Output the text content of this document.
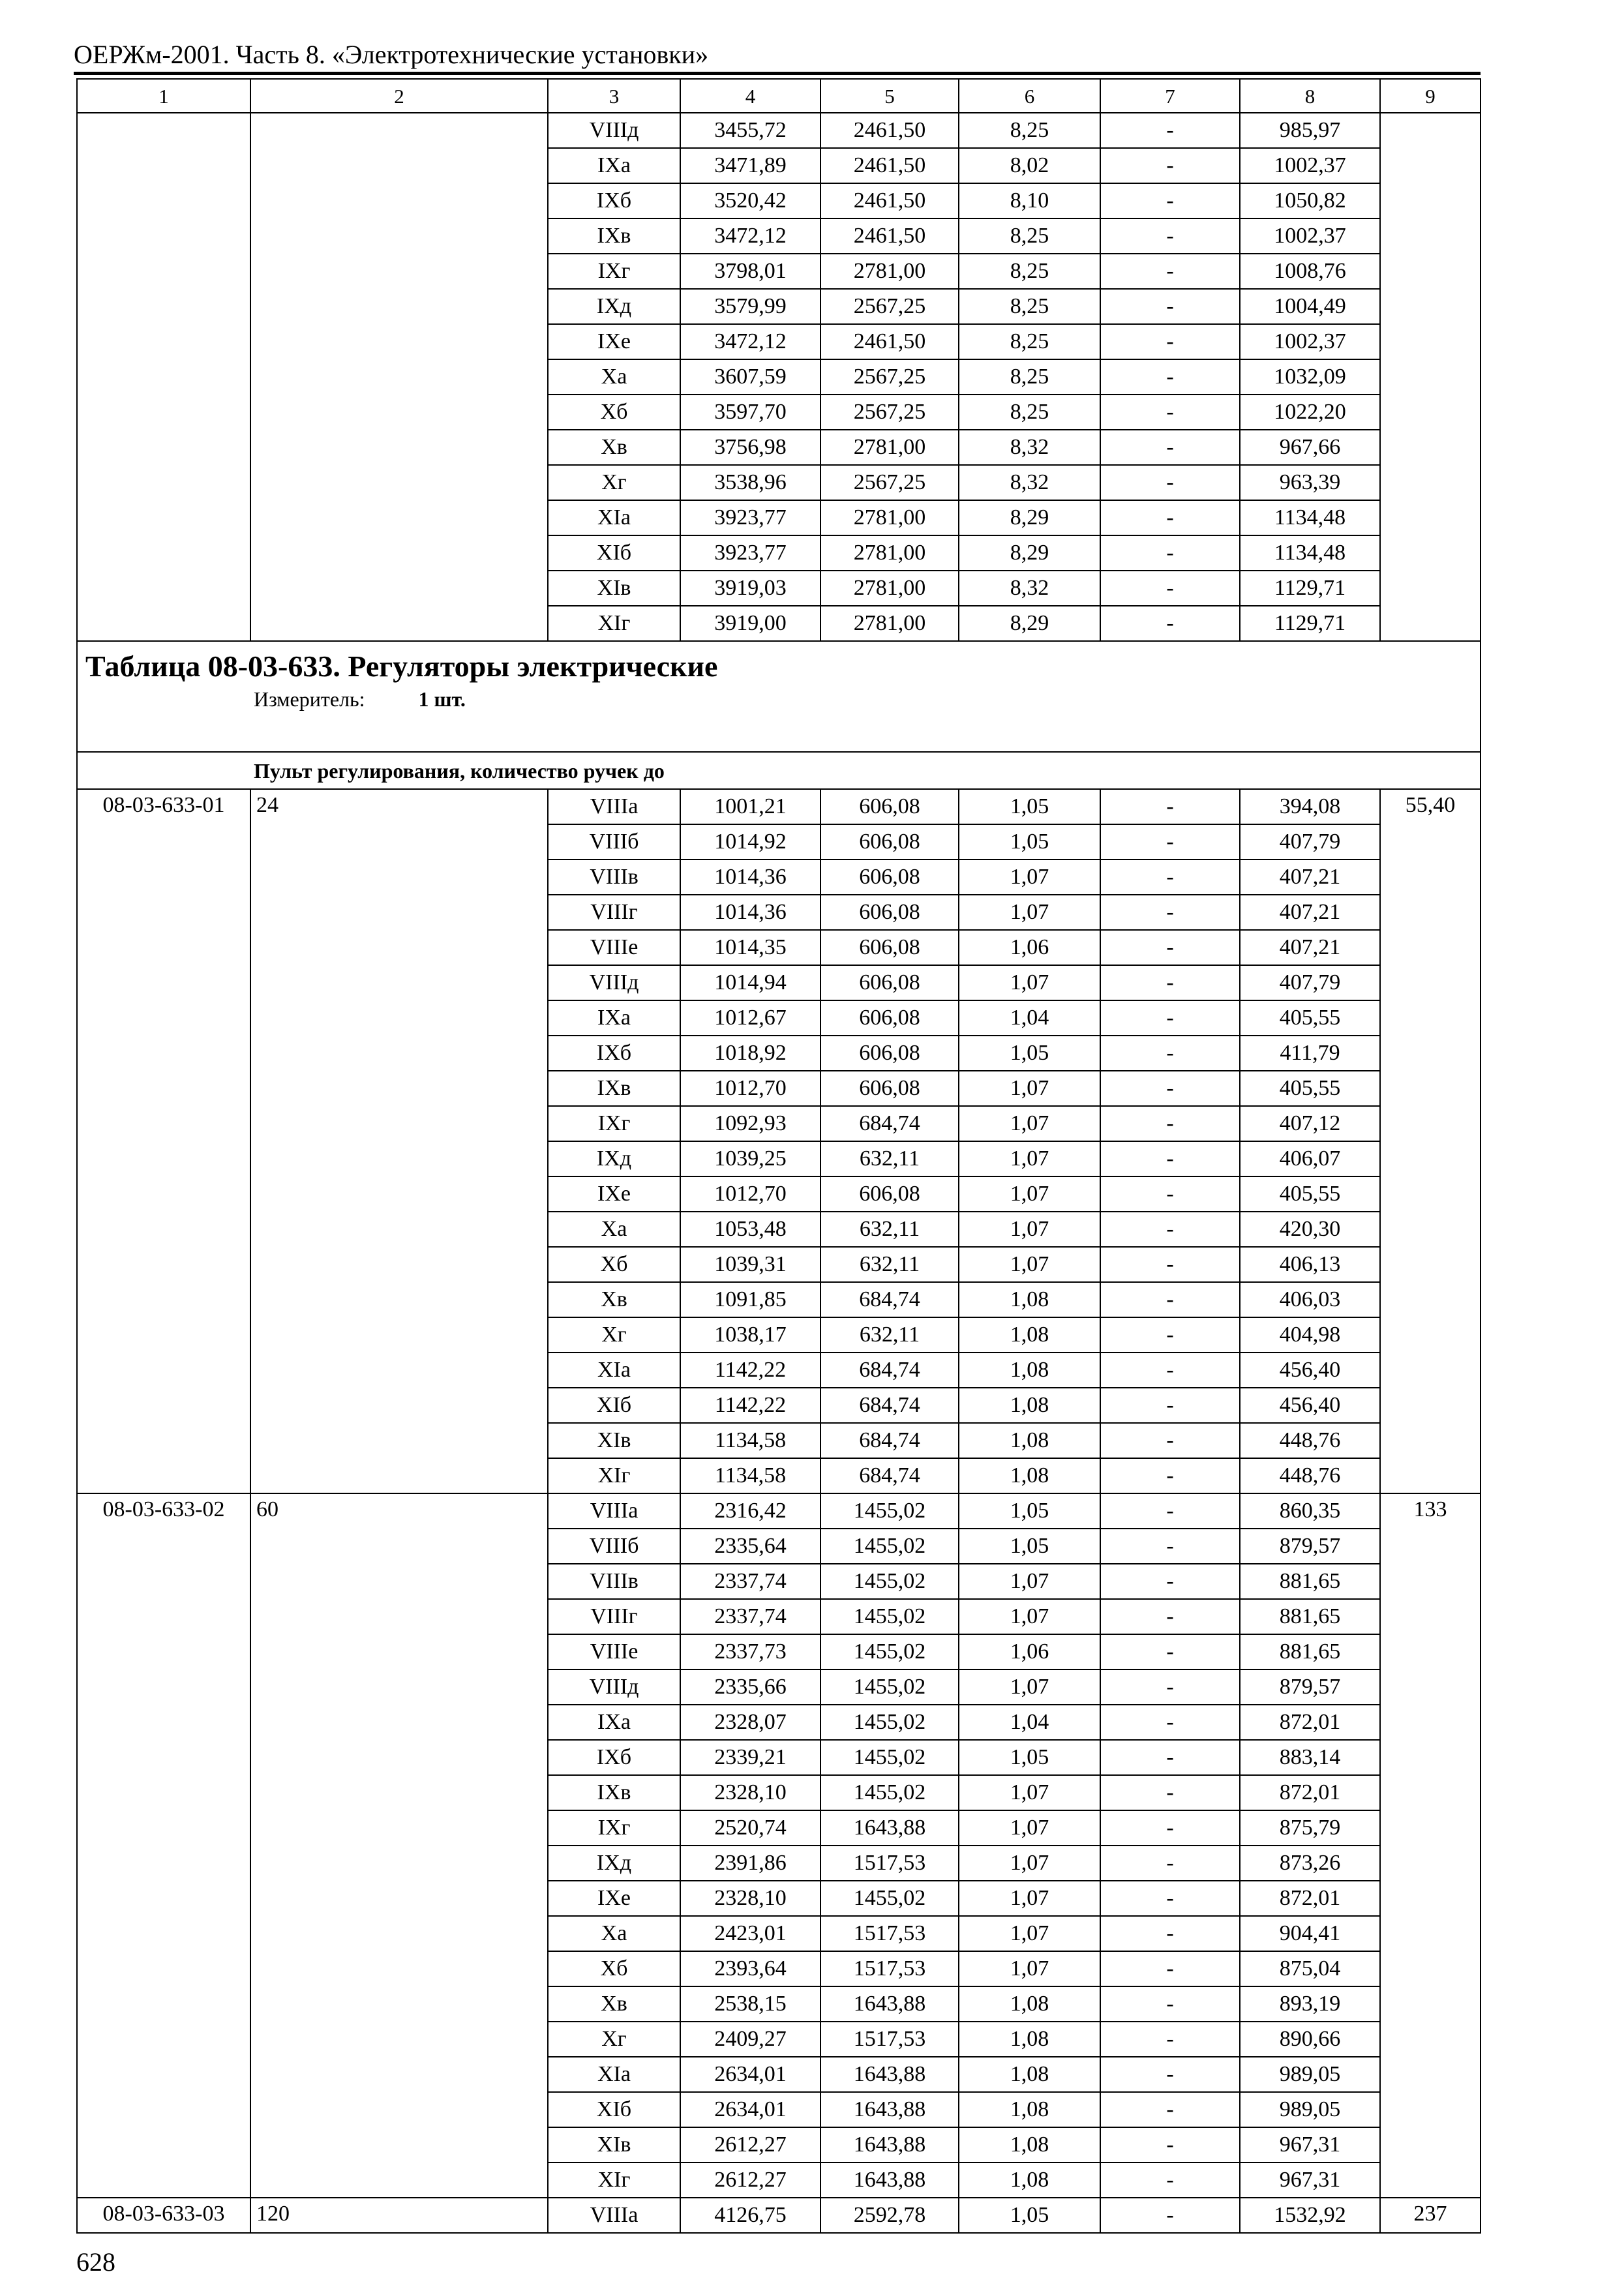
ОЕРЖм-2001. Часть 8. «Электротехнические установки»
1	2	3	4	5	6	7	8	9
		VIIIд	3455,72	2461,50	8,25	-	985,97	
		IXа	3471,89	2461,50	8,02	-	1002,37	
		IXб	3520,42	2461,50	8,10	-	1050,82	
		IXв	3472,12	2461,50	8,25	-	1002,37	
		IXг	3798,01	2781,00	8,25	-	1008,76	
		IXд	3579,99	2567,25	8,25	-	1004,49	
		IXе	3472,12	2461,50	8,25	-	1002,37	
		Xа	3607,59	2567,25	8,25	-	1032,09	
		Xб	3597,70	2567,25	8,25	-	1022,20	
		Xв	3756,98	2781,00	8,32	-	967,66	
		Xг	3538,96	2567,25	8,32	-	963,39	
		XIа	3923,77	2781,00	8,29	-	1134,48	
		XIб	3923,77	2781,00	8,29	-	1134,48	
		XIв	3919,03	2781,00	8,32	-	1129,71	
		XIг	3919,00	2781,00	8,29	-	1129,71	

Таблица 08-03-633. Регуляторы электрические
Измеритель: 1 шт.								

Пульт регулирования, количество ручек до								
08-03-633-01	24	VIIIа	1001,21	606,08	1,05	-	394,08	55,40
		VIIIб	1014,92	606,08	1,05	-	407,79	
		VIIIв	1014,36	606,08	1,07	-	407,21	
		VIIIг	1014,36	606,08	1,07	-	407,21	
		VIIIе	1014,35	606,08	1,06	-	407,21	
		VIIIд	1014,94	606,08	1,07	-	407,79	
		IXа	1012,67	606,08	1,04	-	405,55	
		IXб	1018,92	606,08	1,05	-	411,79	
		IXв	1012,70	606,08	1,07	-	405,55	
		IXг	1092,93	684,74	1,07	-	407,12	
		IXд	1039,25	632,11	1,07	-	406,07	
		IXе	1012,70	606,08	1,07	-	405,55	
		Xа	1053,48	632,11	1,07	-	420,30	
		Xб	1039,31	632,11	1,07	-	406,13	
		Xв	1091,85	684,74	1,08	-	406,03	
		Xг	1038,17	632,11	1,08	-	404,98	
		XIа	1142,22	684,74	1,08	-	456,40	
		XIб	1142,22	684,74	1,08	-	456,40	
		XIв	1134,58	684,74	1,08	-	448,76	
		XIг	1134,58	684,74	1,08	-	448,76	
08-03-633-02	60	VIIIа	2316,42	1455,02	1,05	-	860,35	133
		VIIIб	2335,64	1455,02	1,05	-	879,57	
		VIIIв	2337,74	1455,02	1,07	-	881,65	
		VIIIг	2337,74	1455,02	1,07	-	881,65	
		VIIIе	2337,73	1455,02	1,06	-	881,65	
		VIIIд	2335,66	1455,02	1,07	-	879,57	
		IXа	2328,07	1455,02	1,04	-	872,01	
		IXб	2339,21	1455,02	1,05	-	883,14	
		IXв	2328,10	1455,02	1,07	-	872,01	
		IXг	2520,74	1643,88	1,07	-	875,79	
		IXд	2391,86	1517,53	1,07	-	873,26	
		IXе	2328,10	1455,02	1,07	-	872,01	
		Xа	2423,01	1517,53	1,07	-	904,41	
		Xб	2393,64	1517,53	1,07	-	875,04	
		Xв	2538,15	1643,88	1,08	-	893,19	
		Xг	2409,27	1517,53	1,08	-	890,66	
		XIа	2634,01	1643,88	1,08	-	989,05	
		XIб	2634,01	1643,88	1,08	-	989,05	
		XIв	2612,27	1643,88	1,08	-	967,31	
		XIг	2612,27	1643,88	1,08	-	967,31	
08-03-633-03	120	VIIIа	4126,75	2592,78	1,05	-	1532,92	237
628
